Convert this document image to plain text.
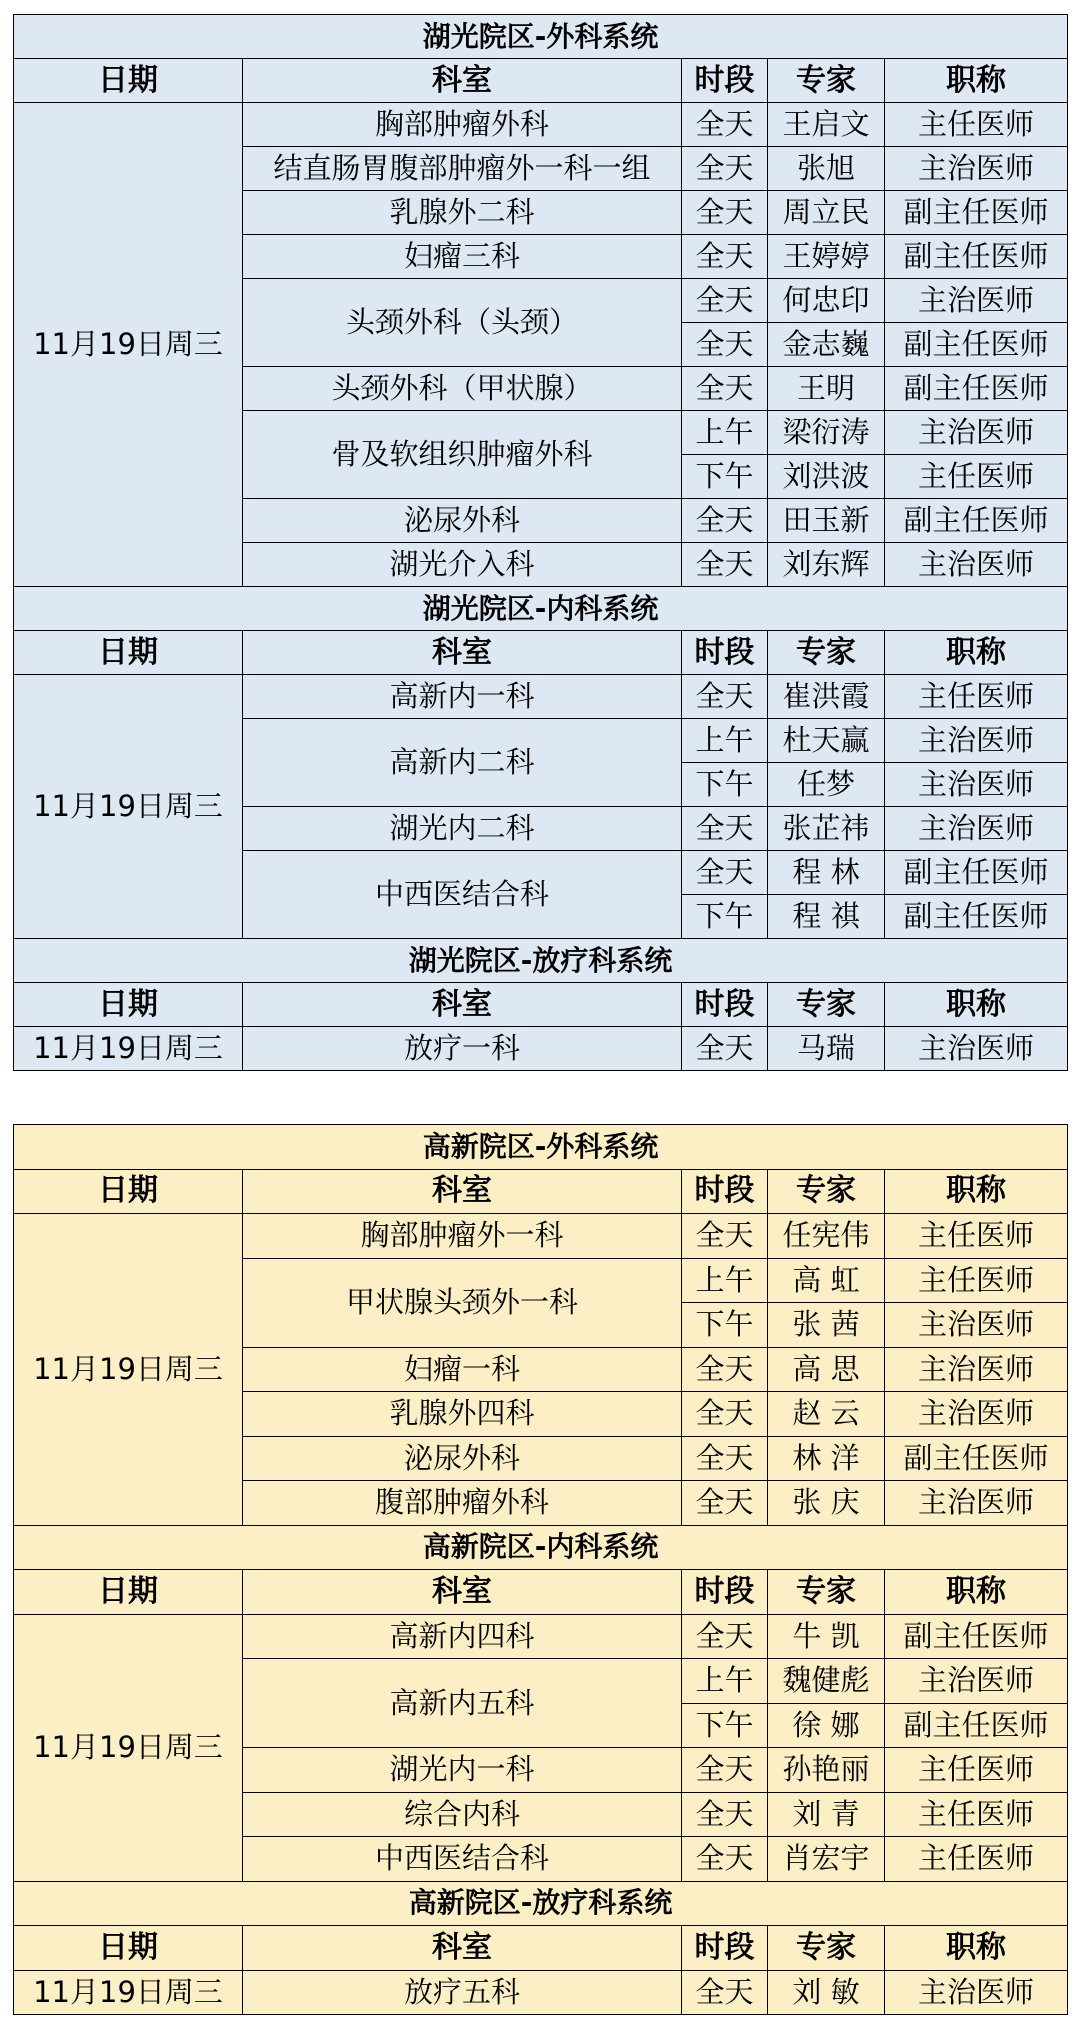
湖光院区-外科系统				
日期	科室	时段	专家	职称
11月19日周三	胸部肿瘤外科	全天	王启文	主任医师
	结直肠胃腹部肿瘤外一科一组	全天	张旭	主治医师
	乳腺外二科	全天	周立民	副主任医师
	妇瘤三科	全天	王婷婷	副主任医师
	头颈外科（头颈）	全天	何忠印	主治医师
		全天	金志巍	副主任医师
	头颈外科（甲状腺）	全天	王明	副主任医师
	骨及软组织肿瘤外科	上午	梁衍涛	主治医师
		下午	刘洪波	主任医师
	泌尿外科	全天	田玉新	副主任医师
	湖光介入科	全天	刘东辉	主治医师
湖光院区-内科系统				
日期	科室	时段	专家	职称
11月19日周三	高新内一科	全天	崔洪霞	主任医师
	高新内二科	上午	杜天赢	主治医师
		下午	任梦	主治医师
	湖光内二科	全天	张芷祎	主治医师
	中西医结合科	全天	程 林	副主任医师
		下午	程 祺	副主任医师
湖光院区-放疗科系统				
日期	科室	时段	专家	职称
11月19日周三	放疗一科	全天	马瑞	主治医师
高新院区-外科系统				
日期	科室	时段	专家	职称
11月19日周三	胸部肿瘤外一科	全天	任宪伟	主任医师
	甲状腺头颈外一科	上午	高 虹	主任医师
		下午	张 茜	主治医师
	妇瘤一科	全天	高 思	主治医师
	乳腺外四科	全天	赵 云	主治医师
	泌尿外科	全天	林 洋	副主任医师
	腹部肿瘤外科	全天	张 庆	主治医师
高新院区-内科系统				
日期	科室	时段	专家	职称
11月19日周三	高新内四科	全天	牛 凯	副主任医师
	高新内五科	上午	魏健彪	主治医师
		下午	徐 娜	副主任医师
	湖光内一科	全天	孙艳丽	主任医师
	综合内科	全天	刘 青	主任医师
	中西医结合科	全天	肖宏宇	主任医师
高新院区-放疗科系统				
日期	科室	时段	专家	职称
11月19日周三	放疗五科	全天	刘 敏	主治医师
